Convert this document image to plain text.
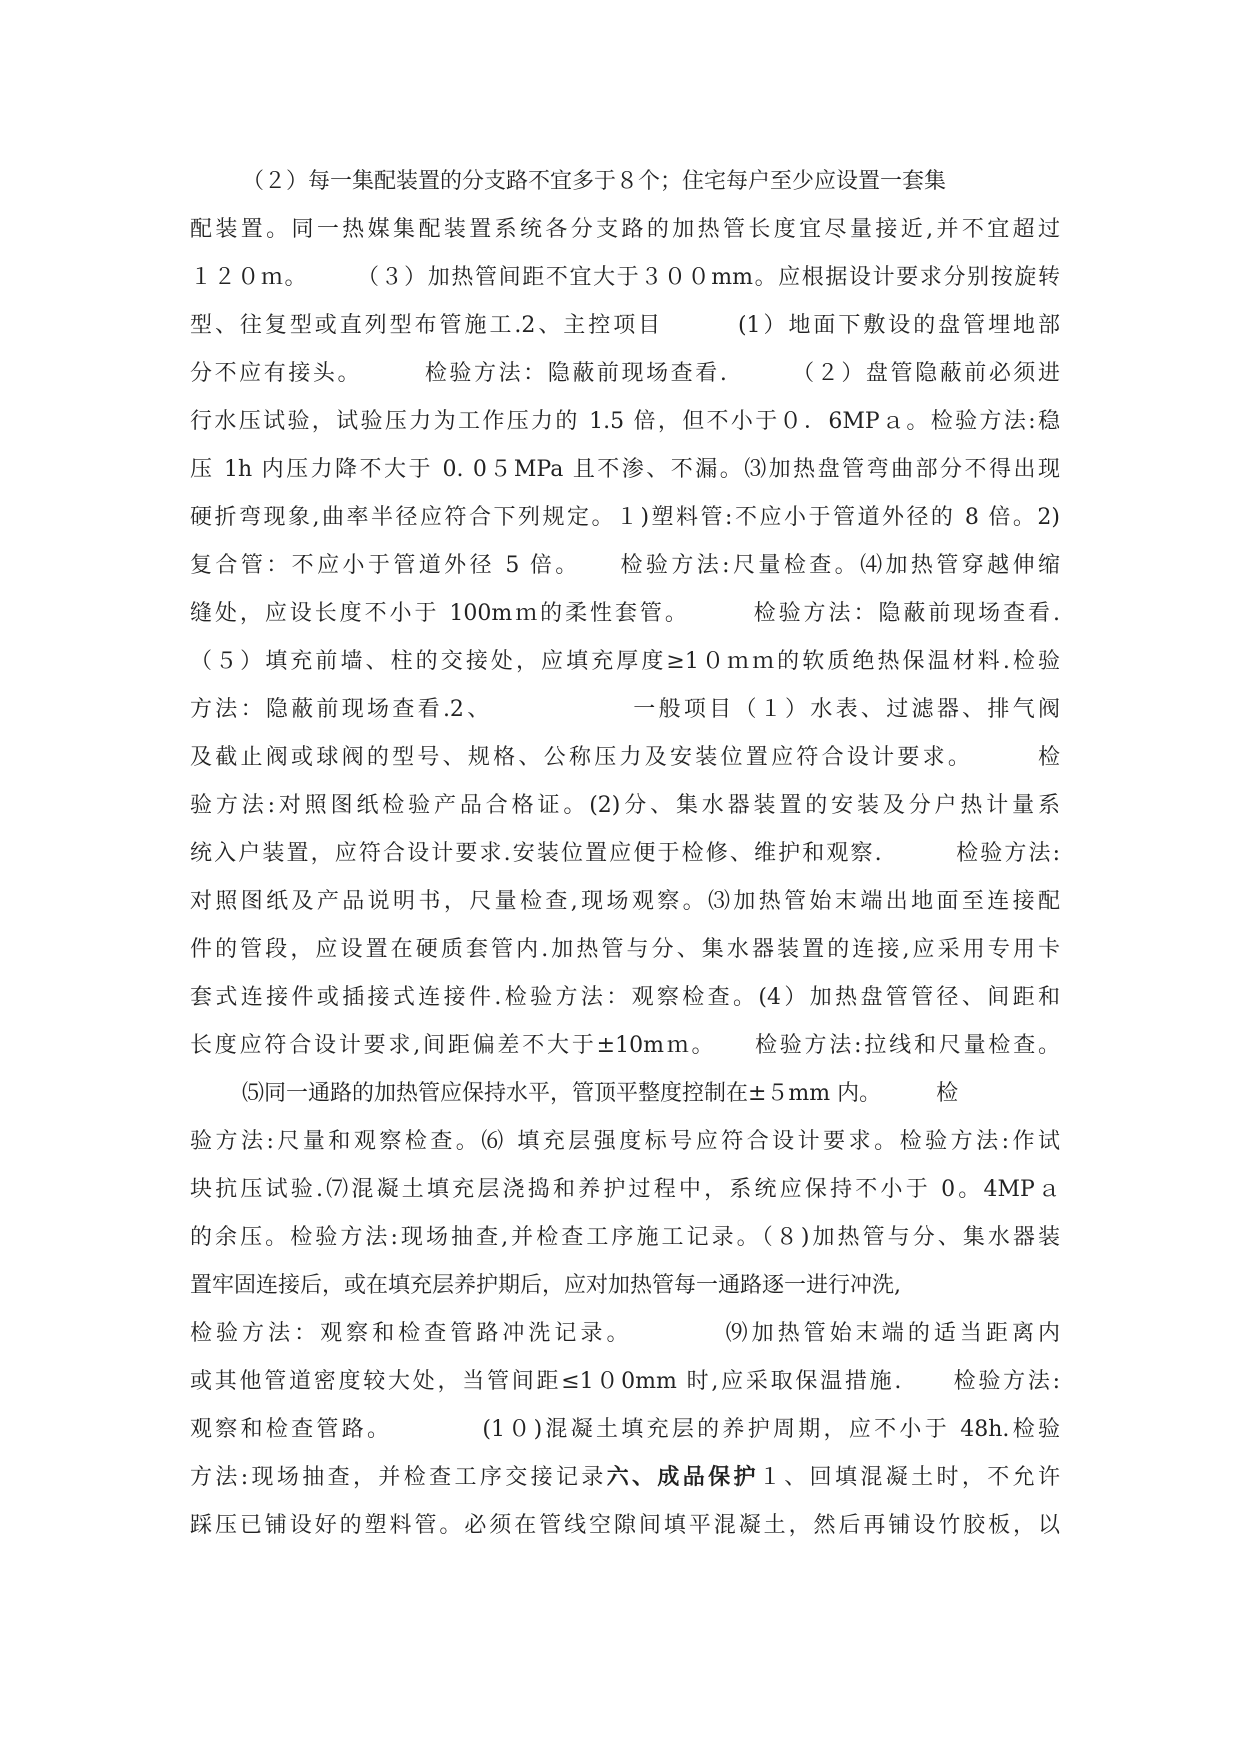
（２）每一集配装置的分支路不宜多于８个；住宅每户至少应设置一套集
配装置。同一热媒集配装置系统各分支路的加热管长度宜尽量接近,并不宜超过
１２０ｍ。　　　（３）加热管间距不宜大于３００mm。应根据设计要求分别按旋转
型、往复型或直列型布管施工.2、主控项目　　　(1）地面下敷设的盘管埋地部
分不应有接头。　　　检验方法：隐蔽前现场查看.　　　（２）盘管隐蔽前必须进
行水压试验，试验压力为工作压力的 1.5 倍，但不小于０．6MPａ。检验方法:稳
压 1h 内压力降不大于 0. 0５MPa 且不渗、不漏。⑶加热盘管弯曲部分不得出现
硬折弯现象,曲率半径应符合下列规定。１)塑料管:不应小于管道外径的 8 倍。2)
复合管：不应小于管道外径 5 倍。　　检验方法:尺量检查。⑷加热管穿越伸缩
缝处，应设长度不小于 100mｍ的柔性套管。　　　检验方法：隐蔽前现场查看.
（５）填充前墙、柱的交接处，应填充厚度≥1０ｍｍ的软质绝热保温材料.检验
方法：隐蔽前现场查看.2、　　　　　　一般项目（１）水表、过滤器、排气阀
及截止阀或球阀的型号、规格、公称压力及安装位置应符合设计要求。　　　检
验方法:对照图纸检验产品合格证。(2)分、集水器装置的安装及分户热计量系
统入户装置，应符合设计要求.安装位置应便于检修、维护和观察.　　　检验方法:
对照图纸及产品说明书，尺量检查,现场观察。⑶加热管始末端出地面至连接配
件的管段，应设置在硬质套管内.加热管与分、集水器装置的连接,应采用专用卡
套式连接件或插接式连接件.检验方法：观察检查。(4）加热盘管管径、间距和
长度应符合设计要求,间距偏差不大于±10mｍ。　　检验方法:拉线和尺量检查。
⑸同一通路的加热管应保持水平，管顶平整度控制在±５mm 内。　　　检
验方法:尺量和观察检查。⑹ 填充层强度标号应符合设计要求。检验方法:作试
块抗压试验.⑺混凝土填充层浇捣和养护过程中，系统应保持不小于 0。4MPａ
的余压。检验方法:现场抽查,并检查工序施工记录。（８)加热管与分、集水器装
置牢固连接后，或在填充层养护期后，应对加热管每一通路逐一进行冲洗,
检验方法：观察和检查管路冲洗记录。　　　　⑼加热管始末端的适当距离内
或其他管道密度较大处，当管间距≤1０0mm 时,应采取保温措施.　　检验方法:
观察和检查管路。　　　　(1０)混凝土填充层的养护周期，应不小于 48h.检验
方法:现场抽查，并检查工序交接记录六、成品保护１、回填混凝土时，不允许
踩压已铺设好的塑料管。必须在管线空隙间填平混凝土，然后再铺设竹胶板，以
